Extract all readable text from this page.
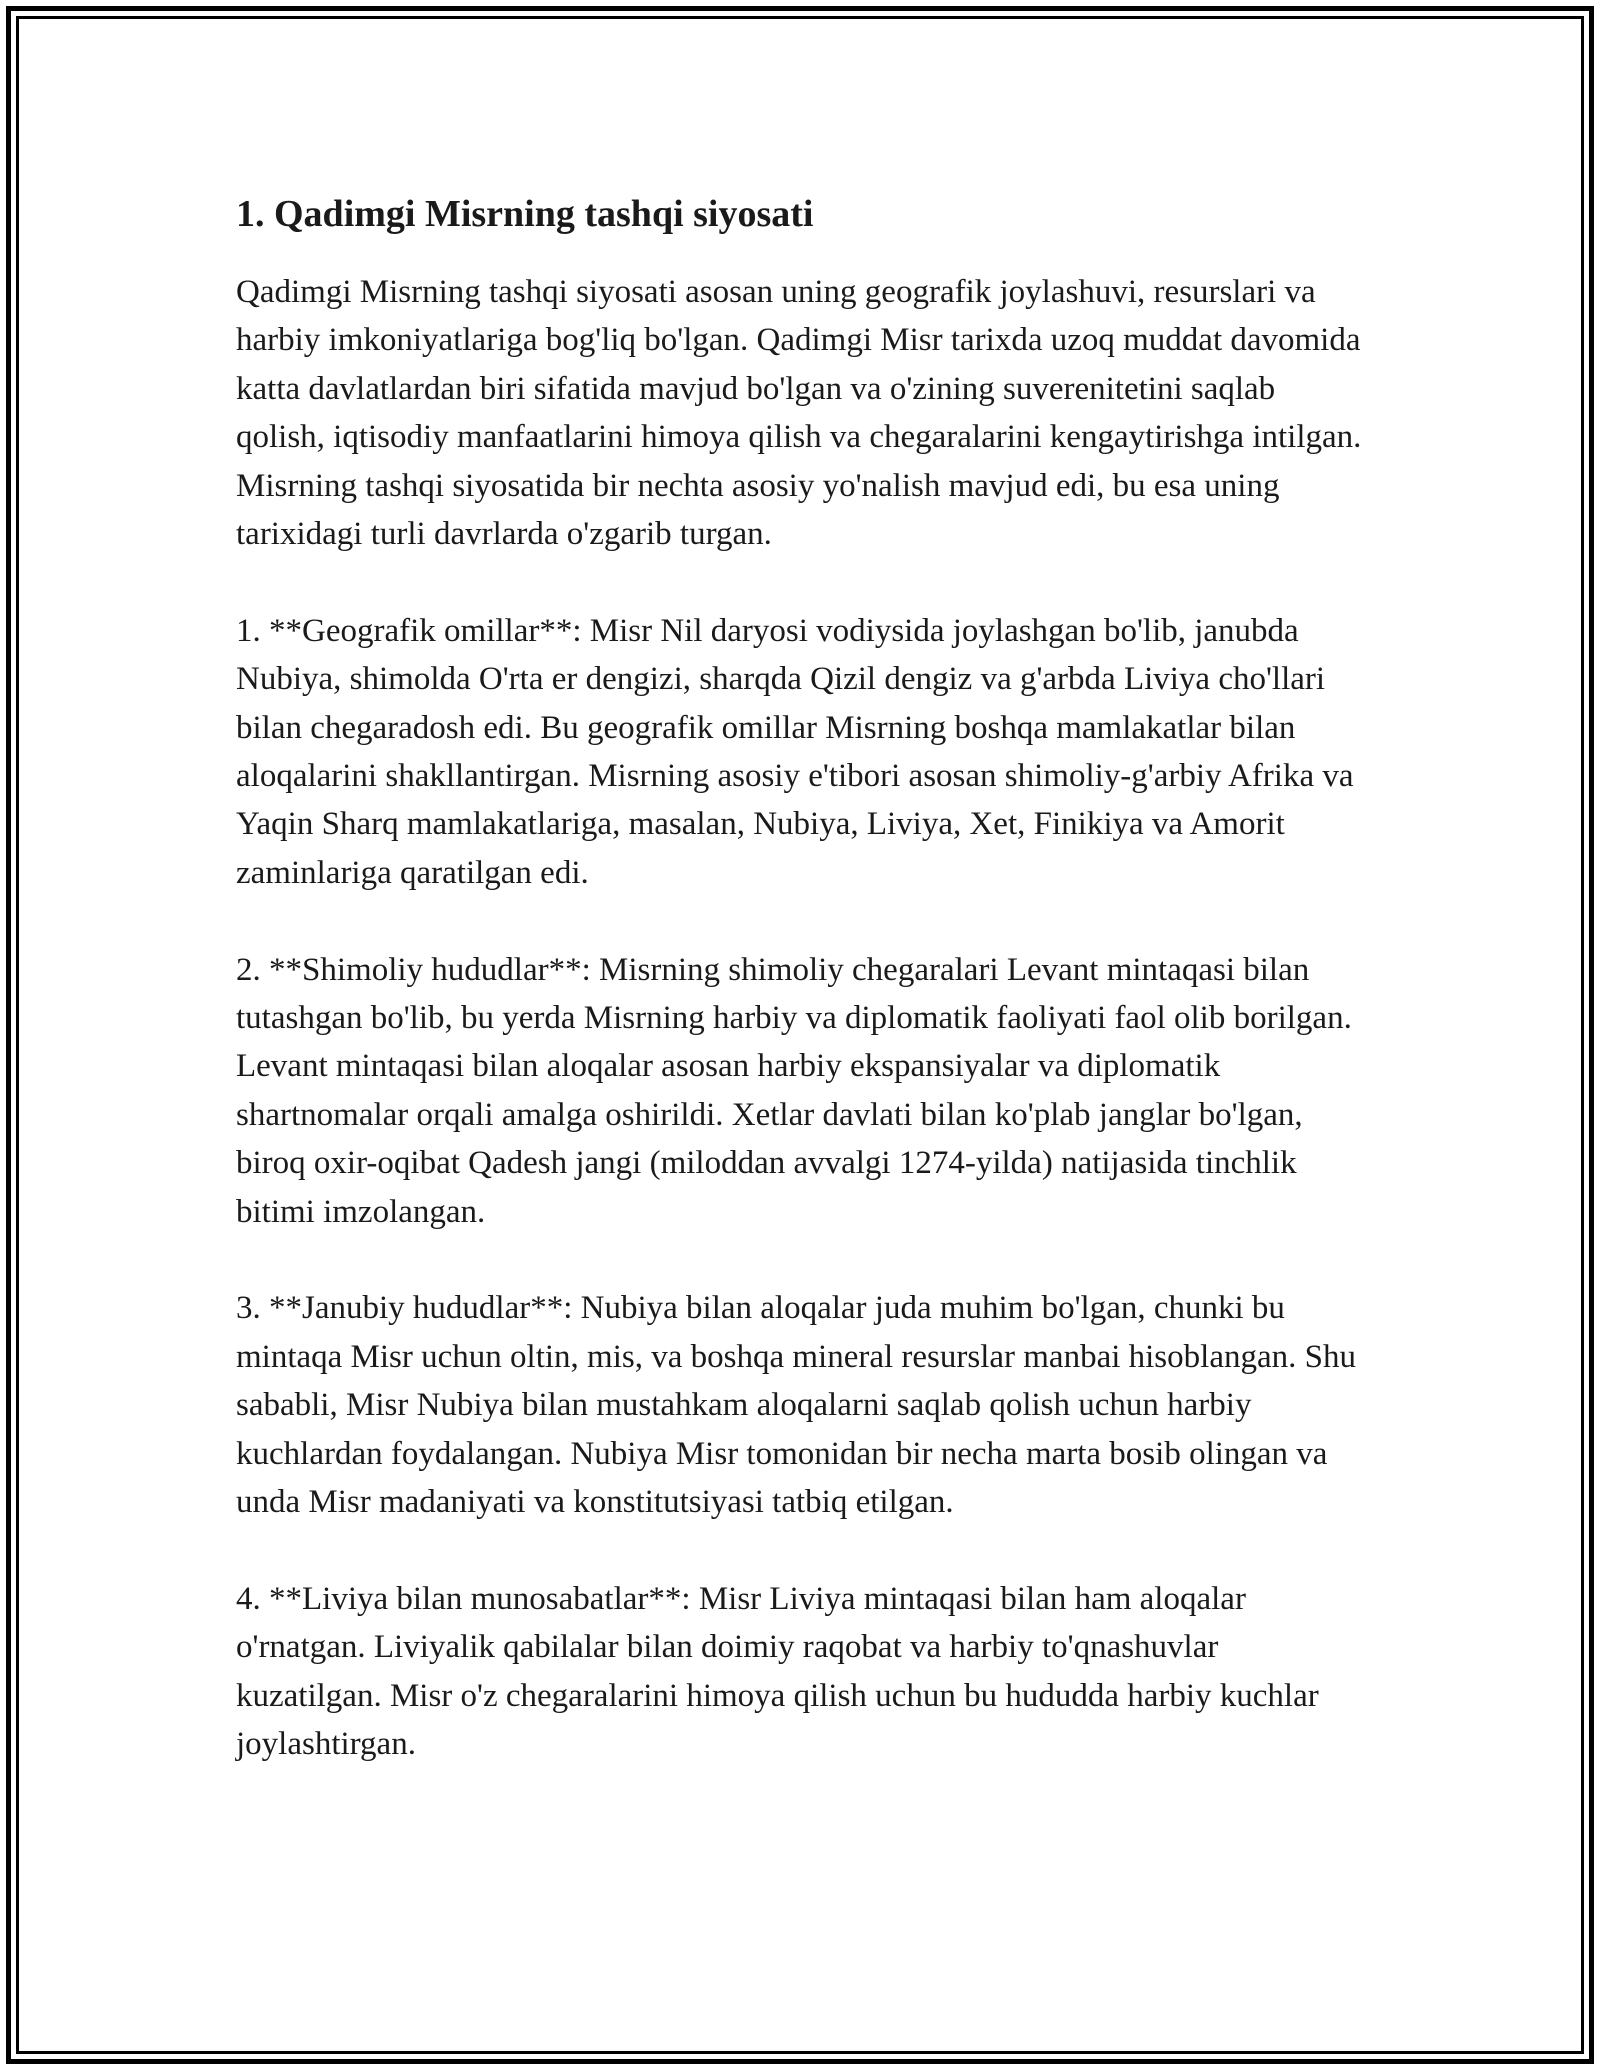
1. Qadimgi Misrning tashqi siyosati

Qadimgi Misrning tashqi siyosati asosan uning geografik joylashuvi, resurslari va harbiy imkoniyatlariga bog'liq bo'lgan. Qadimgi Misr tarixda uzoq muddat davomida katta davlatlardan biri sifatida mavjud bo'lgan va o'zining suverenitetini saqlab qolish, iqtisodiy manfaatlarini himoya qilish va chegaralarini kengaytirishga intilgan. Misrning tashqi siyosatida bir nechta asosiy yo'nalish mavjud edi, bu esa uning tarixidagi turli davrlarda o'zgarib turgan.

1. **Geografik omillar**: Misr Nil daryosi vodiysida joylashgan bo'lib, janubda Nubiya, shimolda O'rta er dengizi, sharqda Qizil dengiz va g'arbda Liviya cho'llari bilan chegaradosh edi. Bu geografik omillar Misrning boshqa mamlakatlar bilan aloqalarini shakllantirgan. Misrning asosiy e'tibori asosan shimoliy-g'arbiy Afrika va Yaqin Sharq mamlakatlariga, masalan, Nubiya, Liviya, Xet, Finikiya va Amorit zaminlariga qaratilgan edi.

2. **Shimoliy hududlar**: Misrning shimoliy chegaralari Levant mintaqasi bilan tutashgan bo'lib, bu yerda Misrning harbiy va diplomatik faoliyati faol olib borilgan. Levant mintaqasi bilan aloqalar asosan harbiy ekspansiyalar va diplomatik shartnomalar orqali amalga oshirildi. Xetlar davlati bilan ko'plab janglar bo'lgan, biroq oxir-oqibat Qadesh jangi (miloddan avvalgi 1274-yilda) natijasida tinchlik bitimi imzolangan.

3. **Janubiy hududlar**: Nubiya bilan aloqalar juda muhim bo'lgan, chunki bu mintaqa Misr uchun oltin, mis, va boshqa mineral resurslar manbai hisoblangan. Shu sababli, Misr Nubiya bilan mustahkam aloqalarni saqlab qolish uchun harbiy kuchlardan foydalangan. Nubiya Misr tomonidan bir necha marta bosib olingan va unda Misr madaniyati va konstitutsiyasi tatbiq etilgan.

4. **Liviya bilan munosabatlar**: Misr Liviya mintaqasi bilan ham aloqalar o'rnatgan. Liviyalik qabilalar bilan doimiy raqobat va harbiy to'qnashuvlar kuzatilgan. Misr o'z chegaralarini himoya qilish uchun bu hududda harbiy kuchlar joylashtirgan.
